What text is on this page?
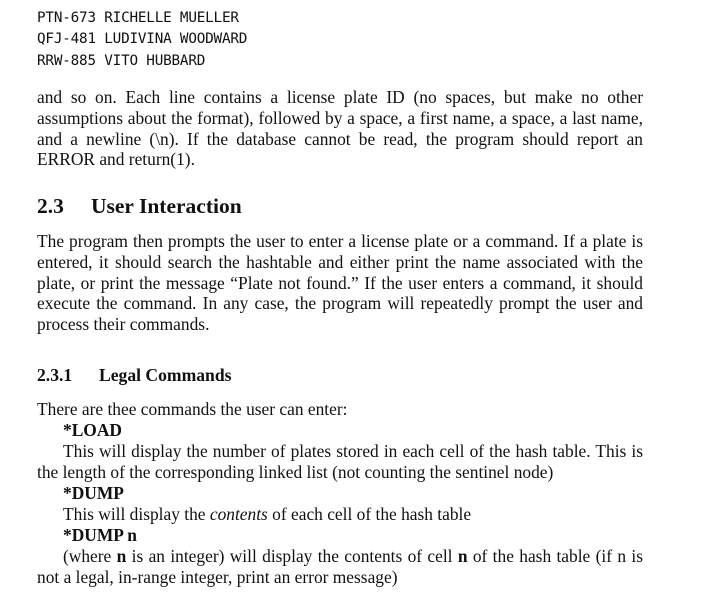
PTN-673 RICHELLE MUELLER
QFJ-481 LUDIVINA WOODWARD
RRW-885 VITO HUBBARD

and so on. Each line contains a license plate ID (no spaces, but make no other assumptions about the format), followed by a space, a first name, a space, a last name, and a newline (\n). If the database cannot be read, the program should report an ERROR and return(1).

2.3 User Interaction

The program then prompts the user to enter a license plate or a command. If a plate is entered, it should search the hashtable and either print the name associated with the plate, or print the message “Plate not found.” If the user enters a command, it should execute the command. In any case, the program will repeatedly prompt the user and process their commands.

2.3.1 Legal Commands
There are thee commands the user can enter:
*LOAD
This will display the number of plates stored in each cell of the hash table. This is the length of the corresponding linked list (not counting the sentinel node)
*DUMP
This will display the contents of each cell of the hash table
*DUMP n
(where n is an integer) will display the contents of cell n of the hash table (if n is not a legal, in-range integer, print an error message)
